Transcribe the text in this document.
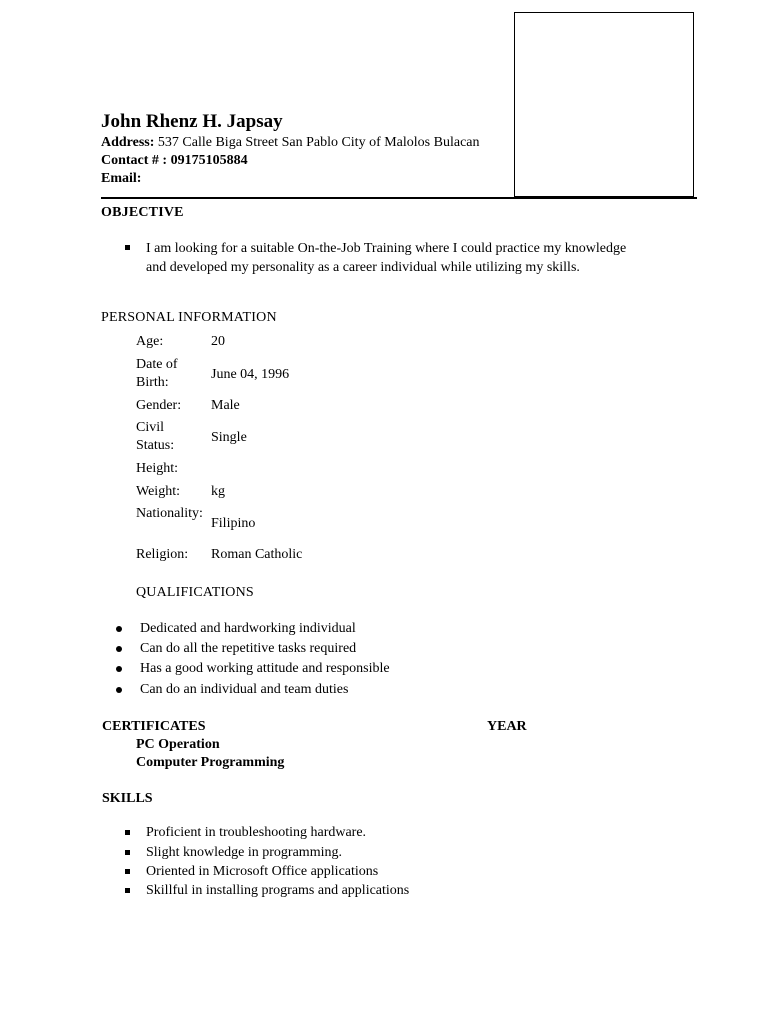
John Rhenz H. Japsay
Address: 537 Calle Biga Street San Pablo City of Malolos Bulacan
Contact # : 09175105884
Email:
OBJECTIVE
I am looking for a suitable On-the-Job Training where I could practice my knowledge
and developed my personality as a career individual while utilizing my skills.
PERSONAL INFORMATION
Age:	20
Date of Birth:
June 04, 1996
Gender: Male
Civil Status:
Single
Height:
Weight: kg
Nationality:
Filipino
Religion: Roman Catholic
QUALIFICATIONS
Dedicated and hardworking individual
Can do all the repetitive tasks required
Has a good working attitude and responsible
Can do an individual and team duties
CERTIFICATES	YEAR
PC Operation
Computer Programming
SKILLS
Proficient in troubleshooting hardware.
Slight knowledge in programming.
Oriented in Microsoft Office applications
Skillful in installing programs and applications
